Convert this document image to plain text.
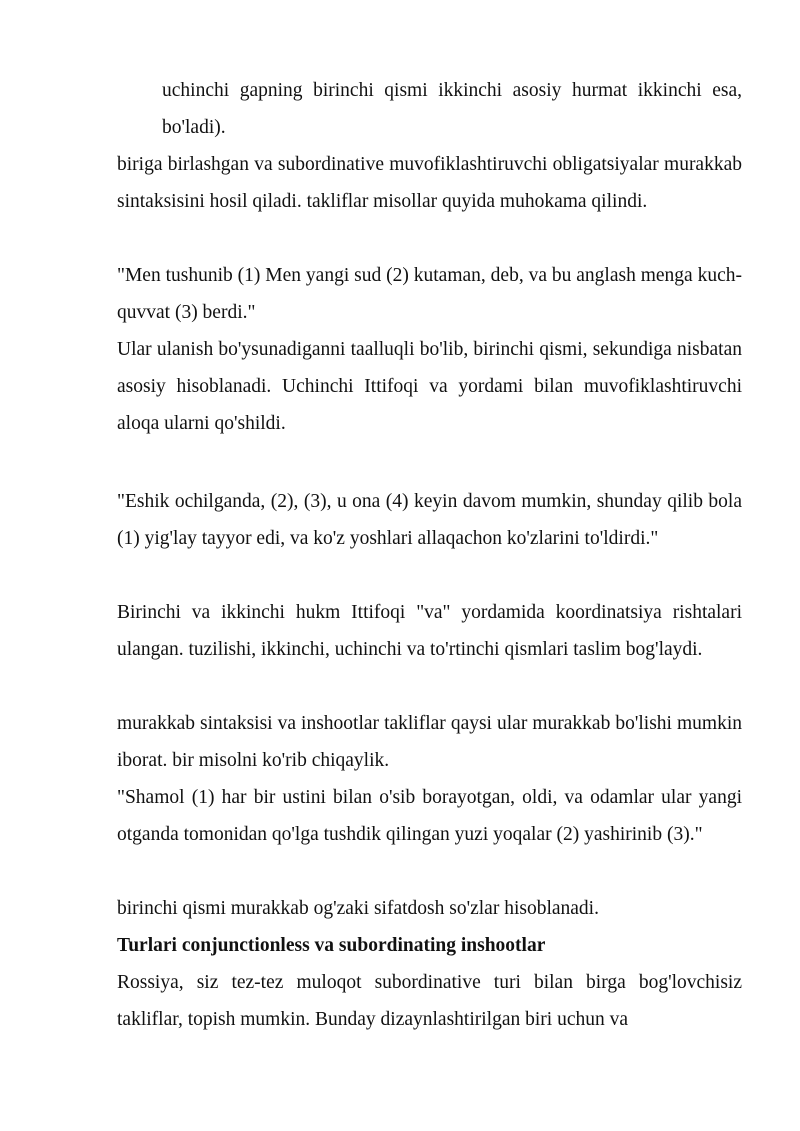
uchinchi gapning birinchi qismi ikkinchi asosiy hurmat ikkinchi esa, bo'ladi).

biriga birlashgan va subordinative muvofiklashtiruvchi obligatsiyalar murakkab sintaksisini hosil qiladi. takliflar misollar quyida muhokama qilindi.

"Men tushunib (1) Men yangi sud (2) kutaman, deb, va bu anglash menga kuch-quvvat (3) berdi."

Ular ulanish bo'ysunadiganni taalluqli bo'lib, birinchi qismi, sekundiga nisbatan asosiy hisoblanadi. Uchinchi Ittifoqi va yordami bilan muvofiklashtiruvchi aloqa ularni qo'shildi.

"Eshik ochilganda, (2), (3), u ona (4) keyin davom mumkin, shunday qilib bola (1) yig'lay tayyor edi, va ko'z yoshlari allaqachon ko'zlarini to'ldirdi."

Birinchi va ikkinchi hukm Ittifoqi "va" yordamida koordinatsiya rishtalari ulangan. tuzilishi, ikkinchi, uchinchi va to'rtinchi qismlari taslim bog'laydi.

murakkab sintaksisi va inshootlar takliflar qaysi ular murakkab bo'lishi mumkin iborat. bir misolni ko'rib chiqaylik.

"Shamol (1) har bir ustini bilan o'sib borayotgan, oldi, va odamlar ular yangi otganda tomonidan qo'lga tushdik qilingan yuzi yoqalar (2) yashirinib (3)."

birinchi qismi murakkab og'zaki sifatdosh so'zlar hisoblanadi.

Turlari conjunctionless va subordinating inshootlar

Rossiya, siz tez-tez muloqot subordinative turi bilan birga bog'lovchisiz takliflar, topish mumkin. Bunday dizaynlashtirilgan biri uchun va
